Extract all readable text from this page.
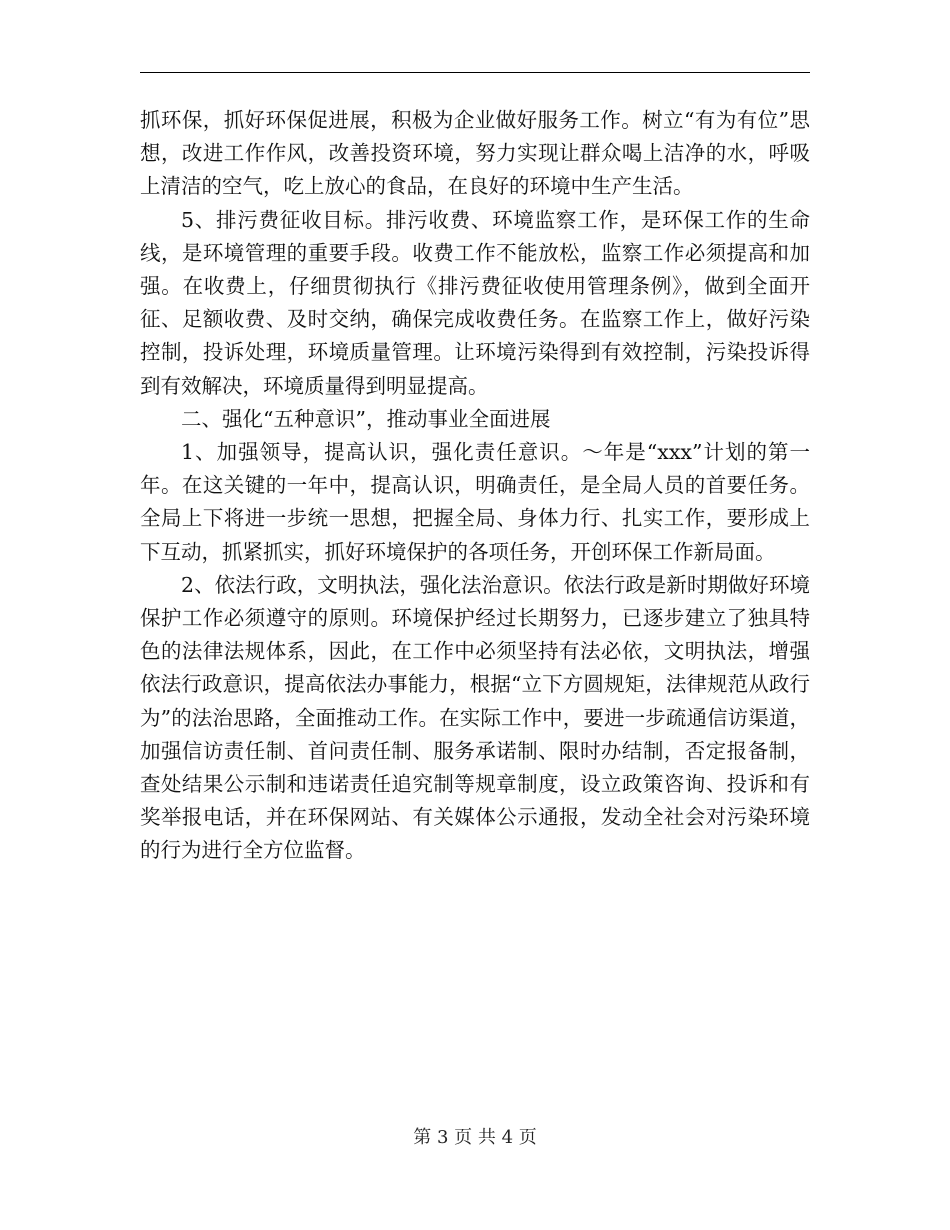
抓环保，抓好环保促进展，积极为企业做好服务工作。树立“有为有位”思想，改进工作作风，改善投资环境，努力实现让群众喝上洁净的水，呼吸上清洁的空气，吃上放心的食品，在良好的环境中生产生活。

5、排污费征收目标。排污收费、环境监察工作，是环保工作的生命线，是环境管理的重要手段。收费工作不能放松，监察工作必须提高和加强。在收费上，仔细贯彻执行《排污费征收使用管理条例》，做到全面开征、足额收费、及时交纳，确保完成收费任务。在监察工作上，做好污染控制，投诉处理，环境质量管理。让环境污染得到有效控制，污染投诉得到有效解决，环境质量得到明显提高。

二、强化“五种意识”，推动事业全面进展

1、加强领导，提高认识，强化责任意识。～年是“xxx”计划的第一年。在这关键的一年中，提高认识，明确责任，是全局人员的首要任务。全局上下将进一步统一思想，把握全局、身体力行、扎实工作，要形成上下互动，抓紧抓实，抓好环境保护的各项任务，开创环保工作新局面。

2、依法行政，文明执法，强化法治意识。依法行政是新时期做好环境保护工作必须遵守的原则。环境保护经过长期努力，已逐步建立了独具特色的法律法规体系，因此，在工作中必须坚持有法必依，文明执法，增强依法行政意识，提高依法办事能力，根据“立下方圆规矩，法律规范从政行为”的法治思路，全面推动工作。在实际工作中，要进一步疏通信访渠道，加强信访责任制、首问责任制、服务承诺制、限时办结制，否定报备制，查处结果公示制和违诺责任追究制等规章制度，设立政策咨询、投诉和有奖举报电话，并在环保网站、有关媒体公示通报，发动全社会对污染环境的行为进行全方位监督。

第 3 页 共 4 页
